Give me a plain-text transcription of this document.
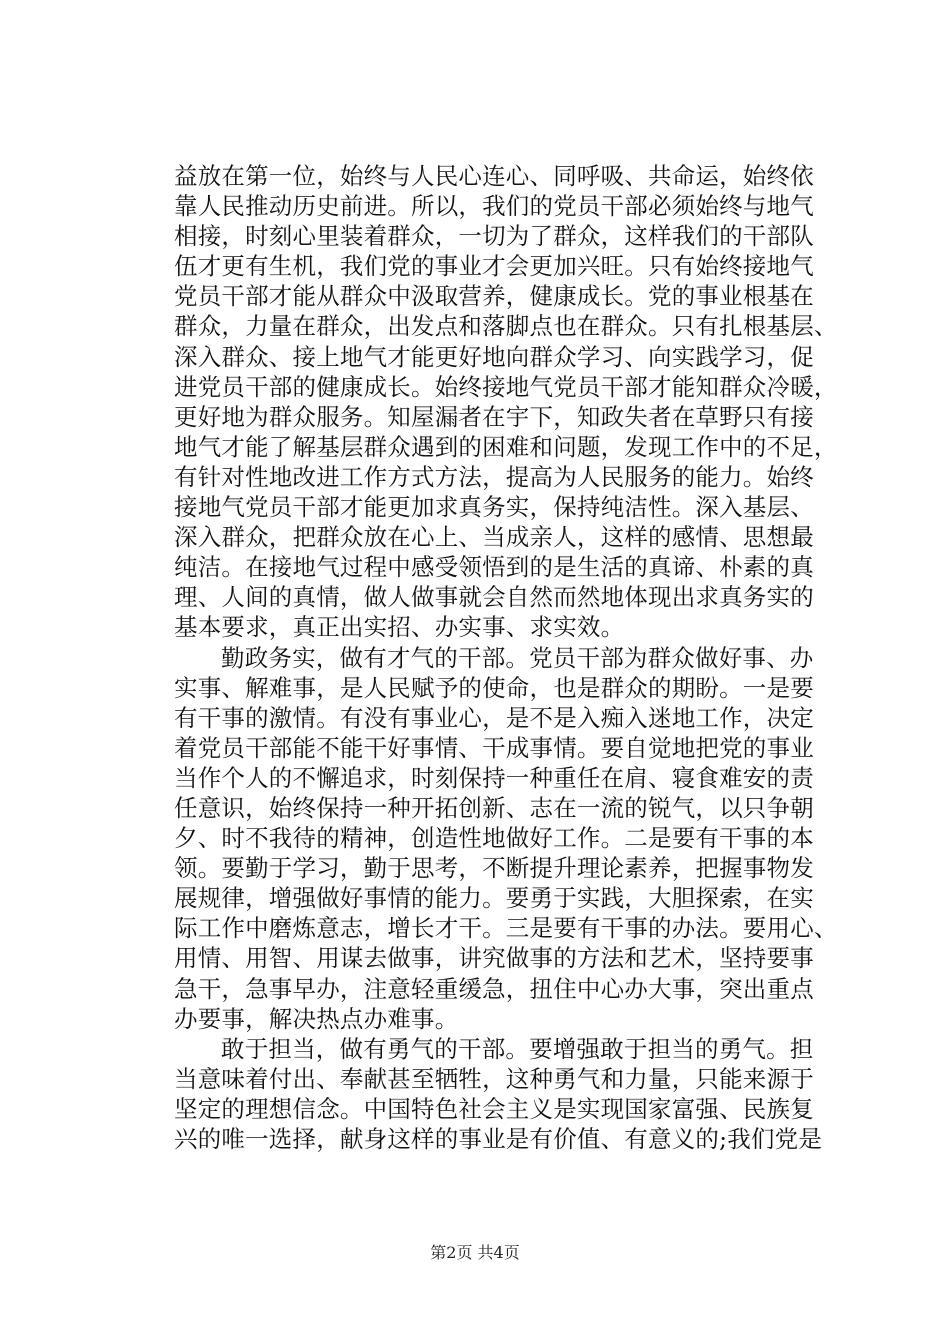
益放在第一位，始终与人民心连心、同呼吸、共命运，始终依
靠人民推动历史前进。所以，我们的党员干部必须始终与地气
相接，时刻心里装着群众，一切为了群众，这样我们的干部队
伍才更有生机，我们党的事业才会更加兴旺。只有始终接地气
党员干部才能从群众中汲取营养，健康成长。党的事业根基在
群众，力量在群众，出发点和落脚点也在群众。只有扎根基层、
深入群众、接上地气才能更好地向群众学习、向实践学习，促
进党员干部的健康成长。始终接地气党员干部才能知群众冷暖，
更好地为群众服务。知屋漏者在宇下，知政失者在草野只有接
地气才能了解基层群众遇到的困难和问题，发现工作中的不足，
有针对性地改进工作方式方法，提高为人民服务的能力。始终
接地气党员干部才能更加求真务实，保持纯洁性。深入基层、
深入群众，把群众放在心上、当成亲人，这样的感情、思想最
纯洁。在接地气过程中感受领悟到的是生活的真谛、朴素的真
理、人间的真情，做人做事就会自然而然地体现出求真务实的
基本要求，真正出实招、办实事、求实效。
勤政务实，做有才气的干部。党员干部为群众做好事、办
实事、解难事，是人民赋予的使命，也是群众的期盼。一是要
有干事的激情。有没有事业心，是不是入痴入迷地工作，决定
着党员干部能不能干好事情、干成事情。要自觉地把党的事业
当作个人的不懈追求，时刻保持一种重任在肩、寝食难安的责
任意识，始终保持一种开拓创新、志在一流的锐气，以只争朝
夕、时不我待的精神，创造性地做好工作。二是要有干事的本
领。要勤于学习，勤于思考，不断提升理论素养，把握事物发
展规律，增强做好事情的能力。要勇于实践，大胆探索，在实
际工作中磨炼意志，增长才干。三是要有干事的办法。要用心、
用情、用智、用谋去做事，讲究做事的方法和艺术，坚持要事
急干，急事早办，注意轻重缓急，扭住中心办大事，突出重点
办要事，解决热点办难事。
敢于担当，做有勇气的干部。要增强敢于担当的勇气。担
当意味着付出、奉献甚至牺牲，这种勇气和力量，只能来源于
坚定的理想信念。中国特色社会主义是实现国家富强、民族复
兴的唯一选择，献身这样的事业是有价值、有意义的;我们党是
第2页 共4页
